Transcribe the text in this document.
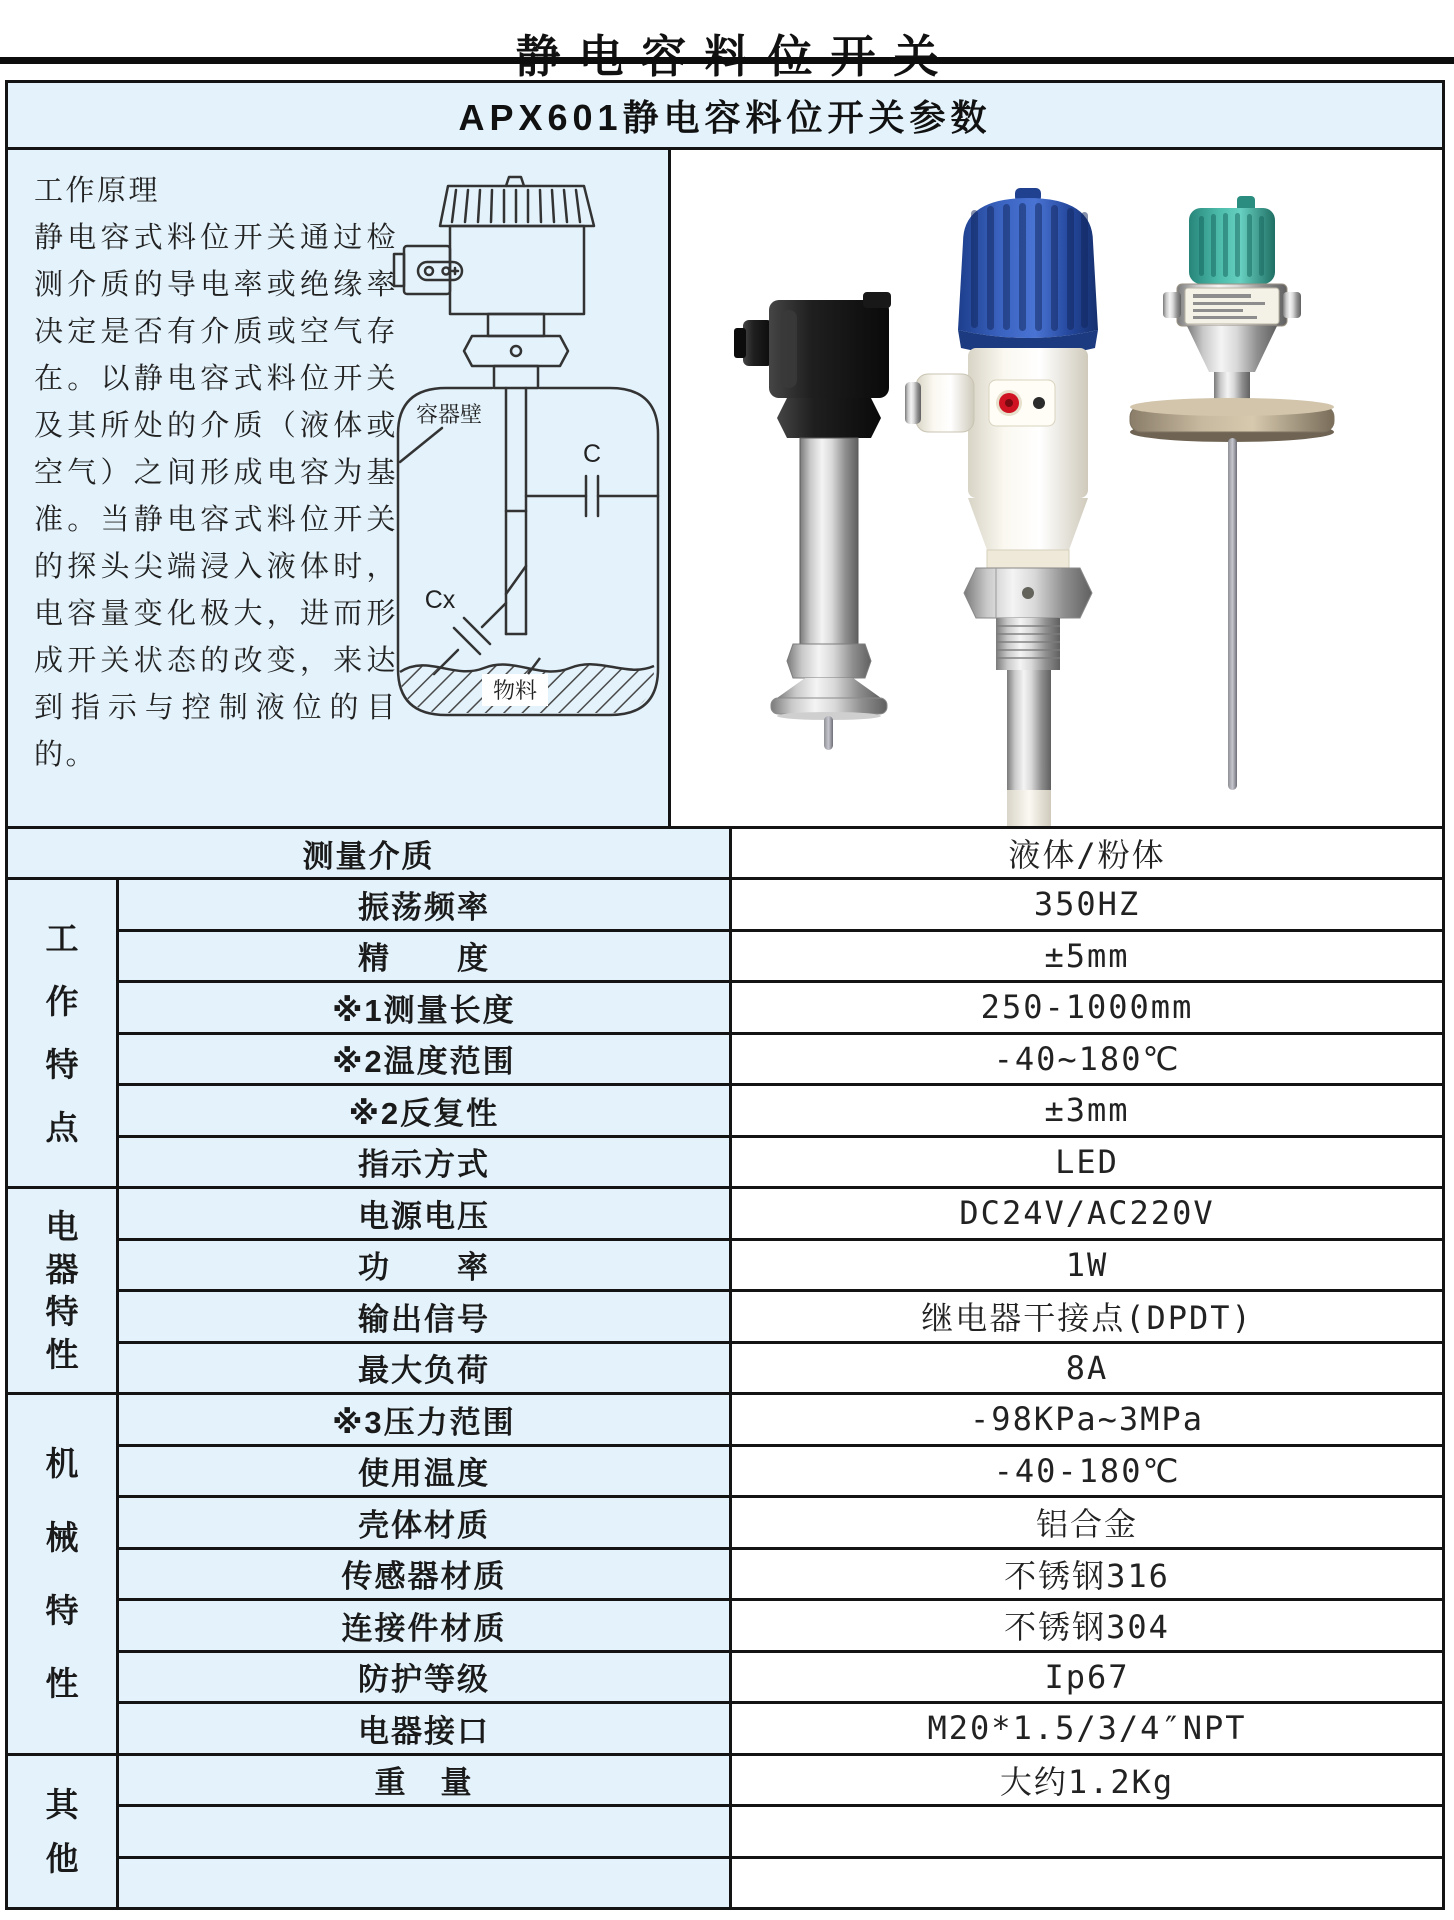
APX601静电容料位开关参数
工作原理
静电容式料位开关通过检测介质的导电率或绝缘率决定是否有介质或空气存在。以静电容式料位开关及其所处的介质（液体或空气）之间形成电容为基准。当静电容式料位开关的探头尖端浸入液体时，电容量变化极大，进而形成开关状态的改变，来达到指示与控制液位的目的。
容器壁
C
Cx
物料
测量介质	液体/粉体
工
作
特
点
振荡频率	350HZ
精　　度	±5mm
※1测量长度	250-1000mm
※2温度范围	-40~180℃
※2反复性	±3mm
指示方式	LED
电
器
特
性
电源电压	DC24V/AC220V
功　　率	1W
输出信号	继电器干接点(DPDT)
最大负荷	8A
机
械
特
性
※3压力范围	-98KPa~3MPa
使用温度	-40-180℃
壳体材质	铝合金
传感器材质	不锈钢316
连接件材质	不锈钢304
防护等级	Ip67
电器接口	M20*1.5/3/4″NPT
其
他
重　量	大约1.2Kg
